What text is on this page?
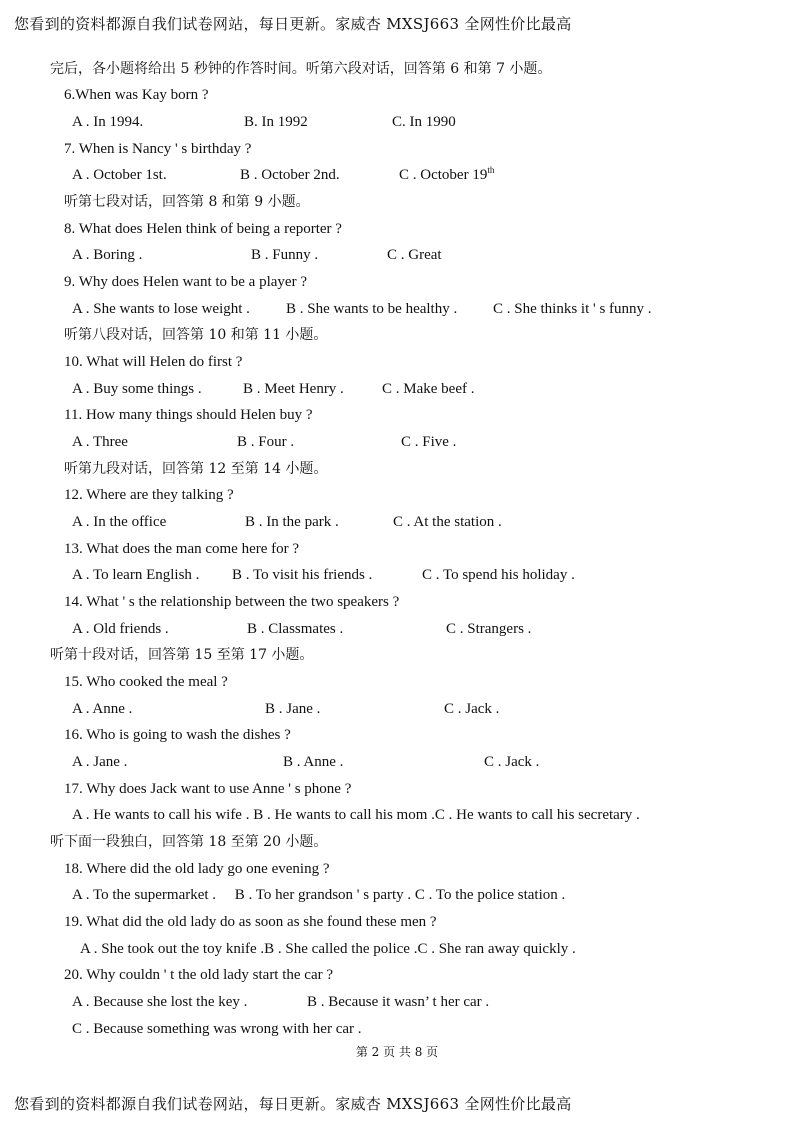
您看到的资料都源自我们试卷网站，每日更新。家威杏 MXSJ663 全网性价比最高
完后，各小题将给出 5 秒钟的作答时间。听第六段对话，回答第 6 和第 7 小题。
6.When was Kay born ?
A . In 1994.	B. In 1992	C. In 1990
7. When is Nancy ' s birthday ?
A . October 1st.	B . October 2nd.	C . October 19th
听第七段对话，回答第 8 和第 9 小题。
8. What does Helen think of being a reporter ?
A . Boring .	B . Funny .	C . Great
9. Why does Helen want to be a player ?
A . She wants to lose weight . B . She wants to be healthy . C . She thinks it ' s funny .
听第八段对话，回答第 10 和第 11 小题。
10. What will Helen do first ?
A . Buy some things .	B . Meet Henry .	C . Make beef .
11. How many things should Helen buy ?
A . Three	B . Four .	C . Five .
听第九段对话，回答第 12 至第 14 小题。
12. Where are they talking ?
A . In the office	B . In the park .	C . At the station .
13. What does the man come here for ?
A . To learn English . B . To visit his friends .	C . To spend his holiday .
14. What ' s the relationship between the two speakers ?
A . Old friends .	B . Classmates .	C . Strangers .
听第十段对话，回答第 15 至第 17 小题。
15. Who cooked the meal ?
A . Anne .	B . Jane .	C . Jack .
16. Who is going to wash the dishes ?
A . Jane .	B . Anne .	C . Jack .
17. Why does Jack want to use Anne ' s phone ?
A . He wants to call his wife . B . He wants to call his mom .C . He wants to call his secretary .
听下面一段独白，回答第 18 至第 20 小题。
18. Where did the old lady go one evening ?
A . To the supermarket .     B . To her grandson ' s party . C . To the police station .
19. What did the old lady do as soon as she found these men ?
A . She took out the toy knife .B . She called the police .C . She ran away quickly .
20. Why couldn ' t the old lady start the car ?
A . Because she lost the key .	B . Because it wasn’ t her car .
C . Because something was wrong with her car .
第 2 页 共 8 页
您看到的资料都源自我们试卷网站，每日更新。家威杏 MXSJ663 全网性价比最高
